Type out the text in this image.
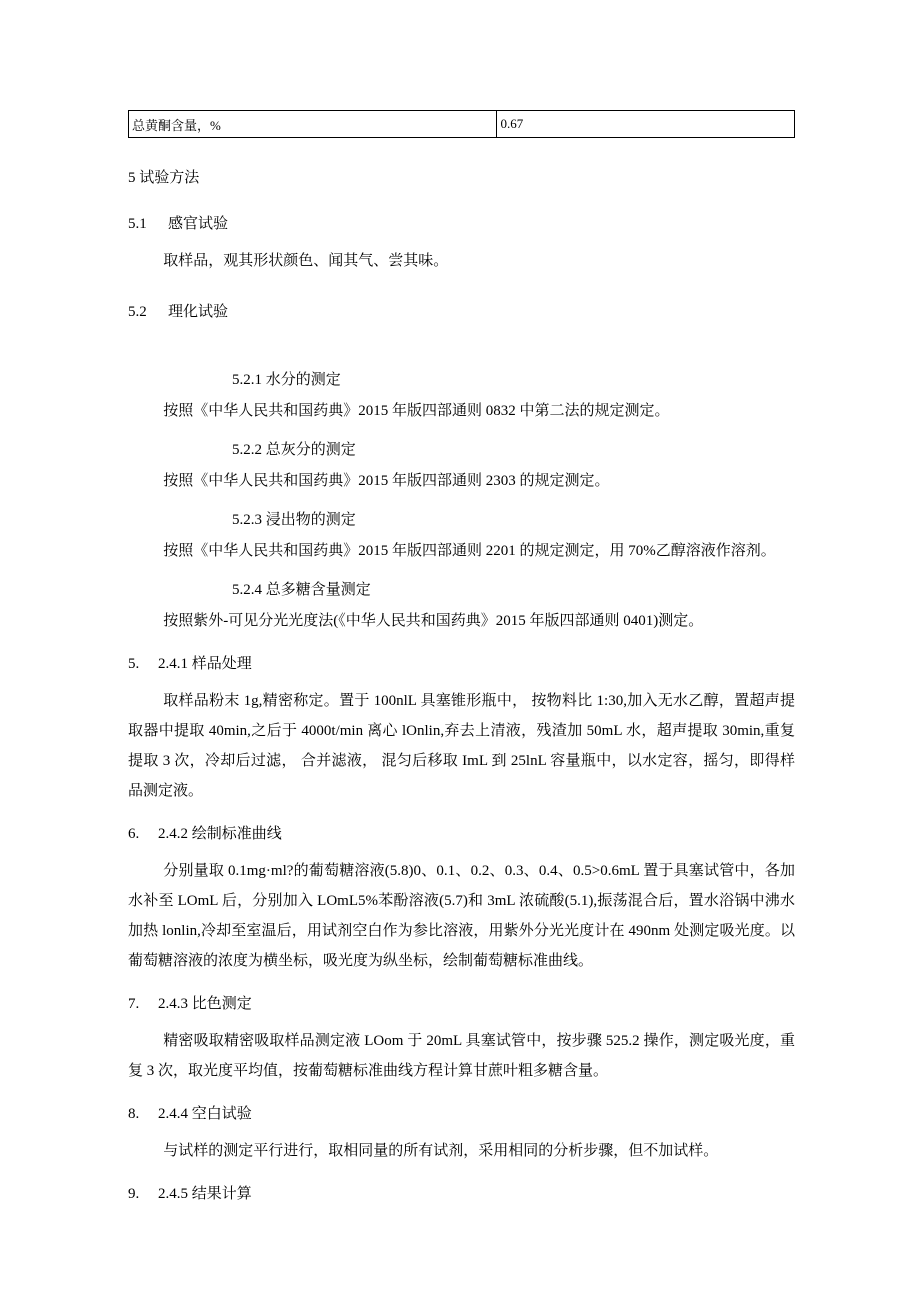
总黄酮含量，%	0.67
5 试验方法
5.1	感官试验
取样品，观其形状颜色、闻其气、尝其味。
5.2	理化试验
5.2.1 水分的测定
按照《中华人民共和国药典》2015 年版四部通则 0832 中第二法的规定测定。
5.2.2 总灰分的测定
按照《中华人民共和国药典》2015 年版四部通则 2303 的规定测定。
5.2.3 浸出物的测定
按照《中华人民共和国药典》2015 年版四部通则 2201 的规定测定，用 70%乙醇溶液作溶剂。
5.2.4 总多糖含量测定
按照紫外-可见分光光度法(《中华人民共和国药典》2015 年版四部通则 0401)测定。
5.	2.4.1 样品处理
取样品粉末 1g,精密称定。置于 100nlL 具塞锥形瓶中， 按物料比 1:30,加入无水乙醇，置超声提取器中提取 40min,之后于 4000t/min 离心 lOnlin,弃去上清液，残渣加 50mL 水，超声提取 30min,重复提取 3 次，冷却后过滤， 合并滤液， 混匀后移取 ImL 到 25lnL 容量瓶中，以水定容，摇匀，即得样品测定液。
6.	2.4.2 绘制标准曲线
分别量取 0.1mg·ml?的葡萄糖溶液(5.8)0、0.1、0.2、0.3、0.4、0.5>0.6mL 置于具塞试管中，各加水补至 LOmL 后，分别加入 LOmL5%苯酚溶液(5.7)和 3mL 浓硫酸(5.1),振荡混合后，置水浴锅中沸水加热 lonlin,冷却至室温后，用试剂空白作为参比溶液，用紫外分光光度计在 490nm 处测定吸光度。以葡萄糖溶液的浓度为横坐标，吸光度为纵坐标，绘制葡萄糖标准曲线。
7.	2.4.3 比色测定
精密吸取精密吸取样品测定液 LOom 于 20mL 具塞试管中，按步骤 525.2 操作，测定吸光度，重复 3 次，取光度平均值，按葡萄糖标准曲线方程计算甘蔗叶粗多糖含量。
8.	2.4.4 空白试验
与试样的测定平行进行，取相同量的所有试剂，采用相同的分析步骤，但不加试样。
9.	2.4.5 结果计算
